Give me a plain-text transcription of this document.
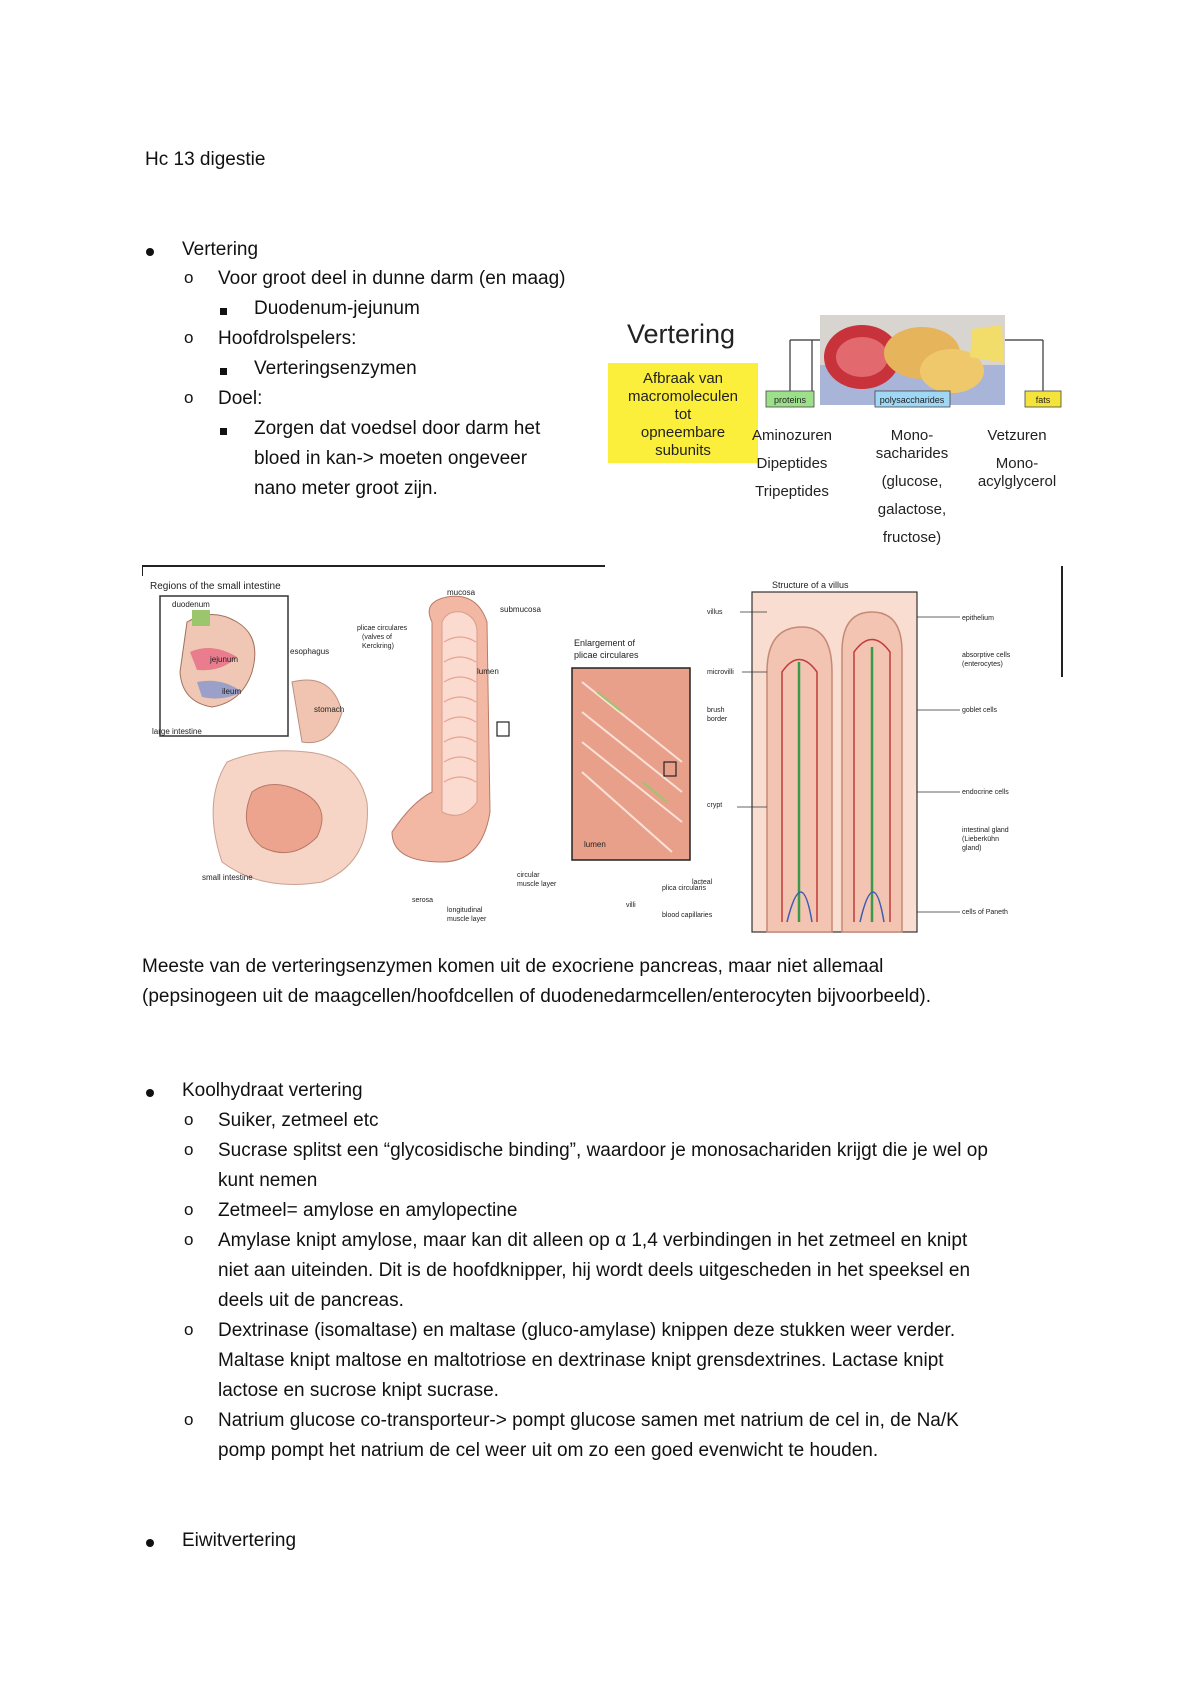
Hc 13 digestie
Vertering
o Voor groot deel in dunne darm (en maag)
Duodenum-jejunum
o Hoofdrolspelers:
Verteringsenzymen
o Doel:
Zorgen dat voedsel door darm het
bloed in kan-> moeten ongeveer
nano meter groot zijn.
Vertering
Afbraak van
macromoleculen
tot
opneembare
subunits
proteins	polysaccharides	fats
Aminozuren
Dipeptides
Tripeptides
Mono-
sacharides
(glucose,
galactose,
fructose)
Vetzuren
Mono-
acylglycerol
Regions of the small intestine
duodenum
jejunum
ileum
esophagus
stomach
large intestine
small intestine
mucosa
submucosa
plicae circulares
(valves of
Kerckring)
lumen
serosa
circular
muscle layer
longitudinal
muscle layer
Enlargement of
plicae circulares
lumen
villi
plica circularis
Structure of a villus
villus
microvilli
brush
border
crypt
lacteal
blood capillaries
epithelium
absorptive cells
(enterocytes)
goblet cells
endocrine cells
intestinal gland
(Lieberkühn
gland)
cells of Paneth
Meeste van de verteringsenzymen komen uit de exocriene pancreas, maar niet allemaal
(pepsinogeen uit de maagcellen/hoofdcellen of duodenedarmcellen/enterocyten bijvoorbeeld).
Koolhydraat vertering
o Suiker, zetmeel etc
o Sucrase splitst een “glycosidische binding”, waardoor je monosachariden krijgt die je wel op
kunt nemen
o Zetmeel= amylose en amylopectine
o Amylase knipt amylose, maar kan dit alleen op α 1,4 verbindingen in het zetmeel en knipt
niet aan uiteinden. Dit is de hoofdknipper, hij wordt deels uitgescheden in het speeksel en
deels uit de pancreas.
o Dextrinase (isomaltase) en maltase (gluco-amylase) knippen deze stukken weer verder.
Maltase knipt maltose en maltotriose en dextrinase knipt grensdextrines. Lactase knipt
lactose en sucrose knipt sucrase.
o Natrium glucose co-transporteur-> pompt glucose samen met natrium de cel in, de Na/K
pomp pompt het natrium de cel weer uit om zo een goed evenwicht te houden.
Eiwitvertering
